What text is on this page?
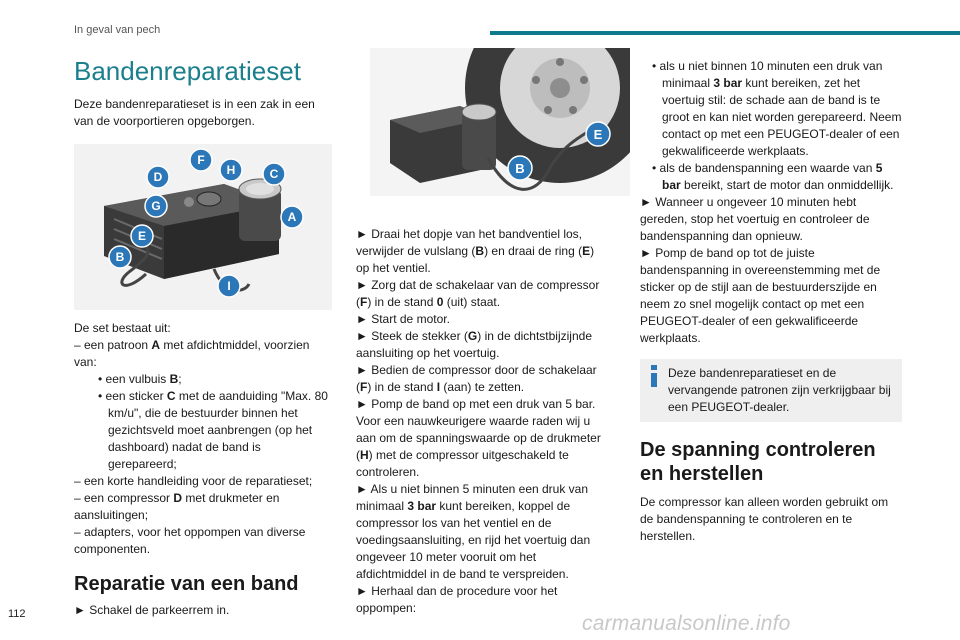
In geval van pech
112
Bandenreparatieset

Deze bandenreparatieset is in een zak in een van de voorportieren opgeborgen.

F
D	H	C
G
A
E
B
I

De set bestaat uit:

– een patroon A met afdichtmiddel, voorzien van:

• een vulbuis B;

• een sticker C met de aanduiding "Max. 80 km/u", die de bestuurder binnen het gezichtsveld moet aanbrengen (op het dashboard) nadat de band is gerepareerd;

– een korte handleiding voor de reparatieset;

– een compressor D met drukmeter en aansluitingen;

– adapters, voor het oppompen van diverse componenten.

Reparatie van een band

► Schakel de parkeerrem in.

E
B

► Draai het dopje van het bandventiel los, verwijder de vulslang (B) en draai de ring (E) op het ventiel.

► Zorg dat de schakelaar van de compressor (F) in de stand 0 (uit) staat.

► Start de motor.

► Steek de stekker (G) in de dichtstbijzijnde aansluiting op het voertuig.

► Bedien de compressor door de schakelaar (F) in de stand I (aan) te zetten.

► Pomp de band op met een druk van 5 bar. Voor een nauwkeurigere waarde raden wij u aan om de spanningswaarde op de drukmeter (H) met de compressor uitgeschakeld te controleren.

► Als u niet binnen 5 minuten een druk van minimaal 3 bar kunt bereiken, koppel de compressor los van het ventiel en de voedingsaansluiting, en rijd het voertuig dan ongeveer 10 meter vooruit om het afdichtmiddel in de band te verspreiden.

► Herhaal dan de procedure voor het oppompen:

• als u niet binnen 10 minuten een druk van minimaal 3 bar kunt bereiken, zet het voertuig stil: de schade aan de band is te groot en kan niet worden gerepareerd. Neem contact op met een PEUGEOT-dealer of een gekwalificeerde werkplaats.

• als de bandenspanning een waarde van 5 bar bereikt, start de motor dan onmiddellijk.

► Wanneer u ongeveer 10 minuten hebt gereden, stop het voertuig en controleer de bandenspanning dan opnieuw.

► Pomp de band op tot de juiste bandenspanning in overeenstemming met de sticker op de stijl aan de bestuurderszijde en neem zo snel mogelijk contact op met een PEUGEOT-dealer of een gekwalificeerde werkplaats.

Deze bandenreparatieset en de vervangende patronen zijn verkrijgbaar bij een PEUGEOT-dealer.

De spanning controleren en herstellen

De compressor kan alleen worden gebruikt om de bandenspanning te controleren en te herstellen.

carmanualsonline.info
